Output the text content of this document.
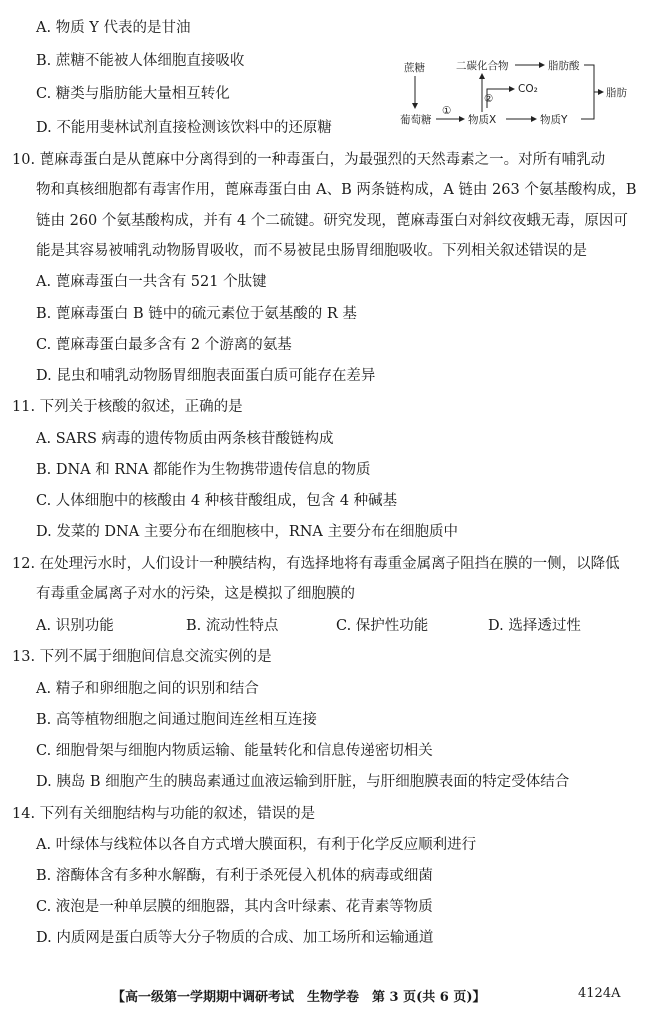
A. 物质 Y 代表的是甘油
B. 蔗糖不能被人体细胞直接吸收
C. 糖类与脂肪能大量相互转化
D. 不能用斐林试剂直接检测该饮料中的还原糖
蔗糖
葡萄糖
①
物质X
②
二碳化合物	脂肪酸
CO₂
物质Y
脂肪
10. 蓖麻毒蛋白是从蓖麻中分离得到的一种毒蛋白，为最强烈的天然毒素之一。对所有哺乳动
物和真核细胞都有毒害作用，蓖麻毒蛋白由 A、B 两条链构成，A 链由 263 个氨基酸构成，B
链由 260 个氨基酸构成，并有 4 个二硫键。研究发现，蓖麻毒蛋白对斜纹夜蛾无毒，原因可
能是其容易被哺乳动物肠胃吸收，而不易被昆虫肠胃细胞吸收。下列相关叙述错误的是
A. 蓖麻毒蛋白一共含有 521 个肽键
B. 蓖麻毒蛋白 B 链中的硫元素位于氨基酸的 R 基
C. 蓖麻毒蛋白最多含有 2 个游离的氨基
D. 昆虫和哺乳动物肠胃细胞表面蛋白质可能存在差异
11. 下列关于核酸的叙述，正确的是
A. SARS 病毒的遗传物质由两条核苷酸链构成
B. DNA 和 RNA 都能作为生物携带遗传信息的物质
C. 人体细胞中的核酸由 4 种核苷酸组成，包含 4 种碱基
D. 发菜的 DNA 主要分布在细胞核中，RNA 主要分布在细胞质中
12. 在处理污水时，人们设计一种膜结构，有选择地将有毒重金属离子阻挡在膜的一侧，以降低
有毒重金属离子对水的污染，这是模拟了细胞膜的
A. 识别功能	B. 流动性特点	C. 保护性功能	D. 选择透过性
13. 下列不属于细胞间信息交流实例的是
A. 精子和卵细胞之间的识别和结合
B. 高等植物细胞之间通过胞间连丝相互连接
C. 细胞骨架与细胞内物质运输、能量转化和信息传递密切相关
D. 胰岛 B 细胞产生的胰岛素通过血液运输到肝脏，与肝细胞膜表面的特定受体结合
14. 下列有关细胞结构与功能的叙述，错误的是
A. 叶绿体与线粒体以各自方式增大膜面积，有利于化学反应顺利进行
B. 溶酶体含有多种水解酶，有利于杀死侵入机体的病毒或细菌
C. 液泡是一种单层膜的细胞器，其内含叶绿素、花青素等物质
D. 内质网是蛋白质等大分子物质的合成、加工场所和运输通道
【高一级第一学期期中调研考试　生物学卷　第 3 页(共 6 页)】	4124A
